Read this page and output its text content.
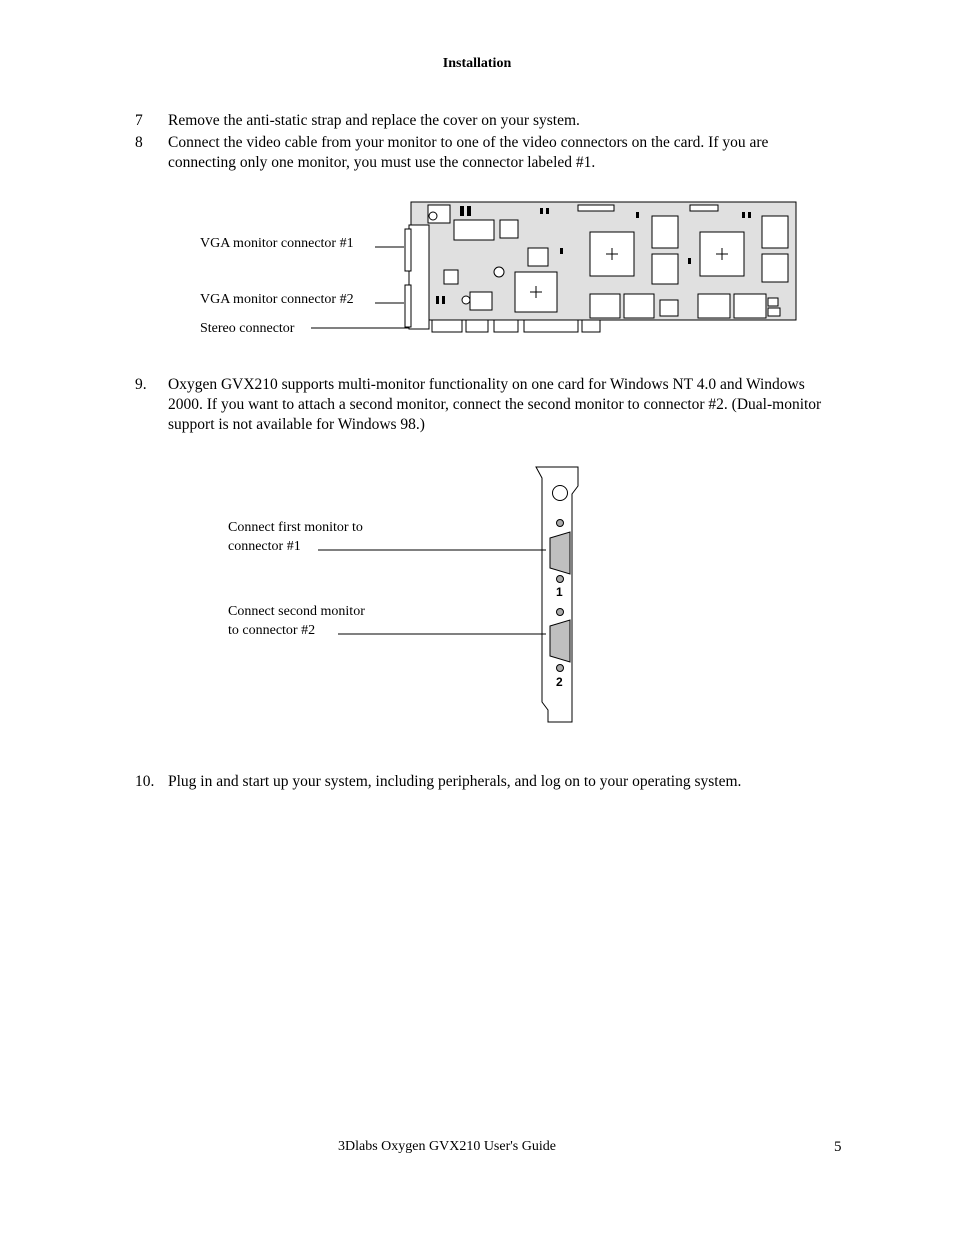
Installation
7 Remove the anti-static strap and replace the cover on your system.
8 Connect the video cable from your monitor to one of the video connectors on the card. If you are connecting only one monitor, you must use the connector labeled #1.
VGA monitor connector #1
VGA monitor connector #2
Stereo connector
9. Oxygen GVX210 supports multi-monitor functionality on one card for Windows NT 4.0 and Windows 2000. If you want to attach a second monitor, connect the second monitor to connector #2. (Dual-monitor support is not available for Windows 98.)
Connect first monitor to
connector #1
Connect second monitor
to connector #2
1
2
10. Plug in and start up your system, including peripherals, and log on to your operating system.
3Dlabs Oxygen GVX210 User's Guide	5
